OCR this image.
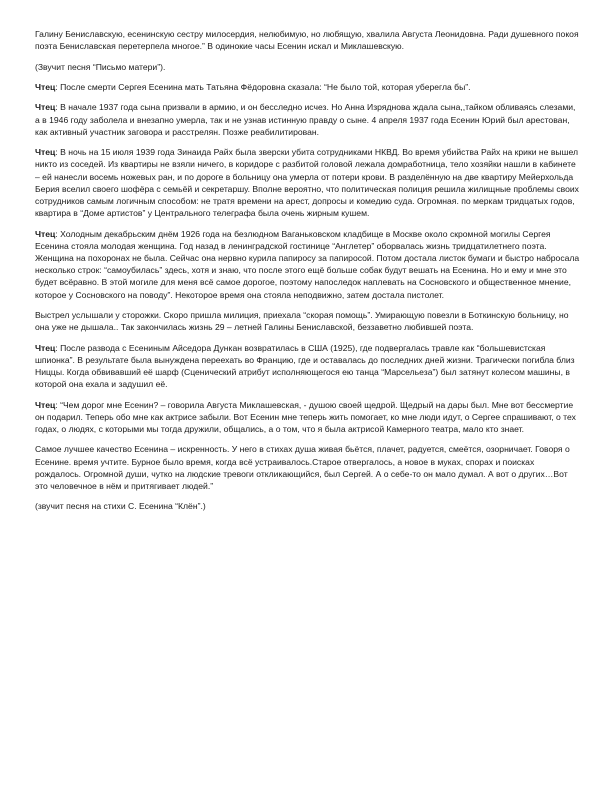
Галину Бениславскую, есенинскую сестру милосердия, нелюбимую, но любящую, хвалила Августа Леонидовна. Ради душевного покоя поэта Бениславская перетерпела многое.” В одинокие часы Есенин искал и Миклашевскую.

(Звучит песня “Письмо матери”).

Чтец: После смерти Сергея Есенина мать Татьяна Фёдоровна сказала: “Не было той, которая уберегла бы”.

Чтец: В начале 1937 года сына призвали в армию, и он бесследно исчез. Но Анна Изряднова ждала сына,,тайком обливаясь слезами, а в 1946 году заболела и внезапно умерла, так и не узнав истинную правду о сыне. 4 апреля 1937 года Есенин Юрий был арестован, как активный участник заговора и расстрелян. Позже реабилитирован.

Чтец: В ночь на 15 июля 1939 года Зинаида Райх была зверски убита сотрудниками НКВД. Во время убийства Райх на крики не вышел никто из соседей. Из квартиры не взяли ничего, в коридоре с разбитой головой лежала домработница, тело хозяйки нашли в кабинете – ей нанесли восемь ножевых ран, и по дороге в больницу она умерла от потери крови. В разделённую на две квартиру Мейерхольда Берия вселил своего шофёра с семьёй и секретаршу. Вполне вероятно, что политическая полиция решила жилищные проблемы своих сотрудников самым логичным способом: не тратя времени на арест, допросы и комедию суда. Огромная. по меркам тридцатых годов, квартира в “Доме артистов” у Центрального телеграфа была очень жирным кушем.

Чтец: Холодным декабрьским днём 1926 года на безлюдном Ваганьковском кладбище в Москве около скромной могилы Сергея Есенина стояла молодая женщина. Год назад в ленинградской гостинице “Англетер” оборвалась жизнь тридцатилетнего поэта. Женщина на похоронах не была. Сейчас она нервно курила папиросу за папиросой. Потом достала листок бумаги и быстро набросала несколько строк: “самоубилась” здесь, хотя и знаю, что после этого ещё больше собак будут вешать на Есенина. Но и ему и мне это будет всёравно. В этой могиле для меня всё самое дорогое, поэтому напоследок наплевать на Сосновского и общественное мнение, которое у Сосновского на поводу”. Некоторое время она стояла неподвижно, затем достала пистолет.

Выстрел услышали у сторожки. Скоро пришла милиция, приехала “скорая помощь”. Умирающую повезли в Боткинскую больницу, но она уже не дышала.. Так закончилась жизнь 29 – летней Галины Бениславской, беззаветно любившей поэта.

Чтец: После развода с Есениным Айседора Дункан возвратилась в США (1925), где подвергалась травле как “большевистская шпионка”. В результате была вынуждена переехать во Францию, где и оставалась до последних дней жизни. Трагически погибла близ Ниццы. Когда обвивавший её шарф (Сценический атрибут исполняющегося ею танца “Марсельеза”) был затянут колесом машины, в которой она ехала и задушил её.

Чтец: “Чем дорог мне Есенин? – говорила Августа Миклашевская, - душою своей щедрой. Щедрый на дары был. Мне вот бессмертие он подарил. Теперь обо мне как актрисе забыли. Вот Есенин мне теперь жить помогает, ко мне люди идут, о Сергее спрашивают, о тех годах, о людях, с которыми мы тогда дружили, общались, а о том, что я была актрисой Камерного театра, мало кто знает.

Самое лучшее качество Есенина – искренность. У него в стихах душа живая бьётся, плачет, радуется, смеётся, озорничает. Говоря о Есенине. время учтите. Бурное было время, когда всё устраивалось.Старое отвергалось, а новое в муках, спорах и поисках рождалось. Огромной души, чутко на людские тревоги откликающийся, был Сергей. А о себе-то он мало думал. А вот о других…Вот это человечное в нём и притягивает людей.”

(звучит песня на стихи С. Есенина “Клён”.)
